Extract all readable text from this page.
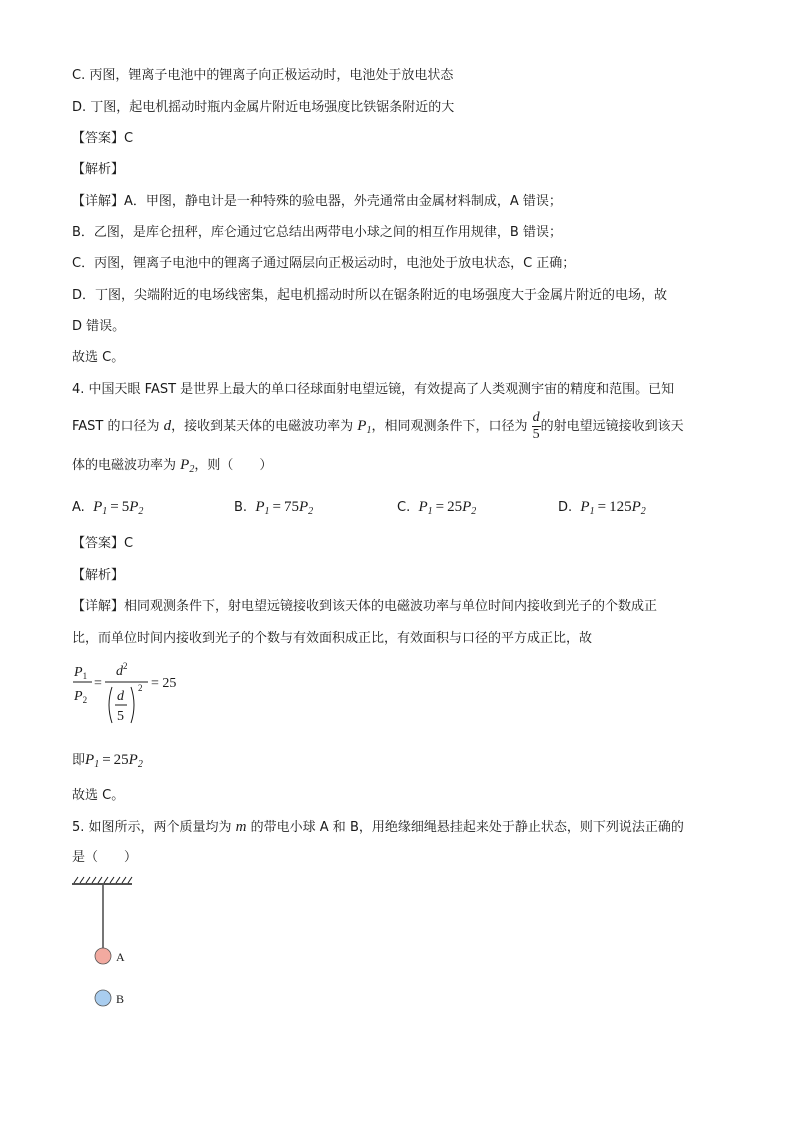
C. 丙图，锂离子电池中的锂离子向正极运动时，电池处于放电状态
D. 丁图，起电机摇动时瓶内金属片附近电场强度比铁锯条附近的大
【答案】C
【解析】
【详解】A．甲图，静电计是一种特殊的验电器，外壳通常由金属材料制成，A 错误；
B．乙图，是库仑扭秤，库仑通过它总结出两带电小球之间的相互作用规律，B 错误；
C．丙图，锂离子电池中的锂离子通过隔层向正极运动时，电池处于放电状态，C 正确；
D．丁图，尖端附近的电场线密集，起电机摇动时所以在锯条附近的电场强度大于金属片附近的电场，故
D 错误。
故选 C。
4. 中国天眼 FAST 是世界上最大的单口径球面射电望远镜，有效提高了人类观测宇宙的精度和范围。已知
FAST 的口径为 d，接收到某天体的电磁波功率为 $P_1$，相同观测条件下，口径为 $\frac{d}{5}$ 的射电望远镜接收到该天
体的电磁波功率为 $P_2$，则（　　）
A. $P_1 = 5P_2$	B. $P_1 = 75P_2$	C. $P_1 = 25P_2$	D. $P_1 = 125P_2$
【答案】C
【解析】
【详解】相同观测条件下，射电望远镜接收到该天体的电磁波功率与单位时间内接收到光子的个数成正
比，而单位时间内接收到光子的个数与有效面积成正比，有效面积与口径的平方成正比，故
$P_1$
$P_2$
=
$d^2$
d
5
2 = 25
即$P_1 = 25P_2$
故选 C。
5. 如图所示，两个质量均为 m 的带电小球 A 和 B，用绝缘细绳悬挂起来处于静止状态，则下列说法正确的
是（　　）
A
B
